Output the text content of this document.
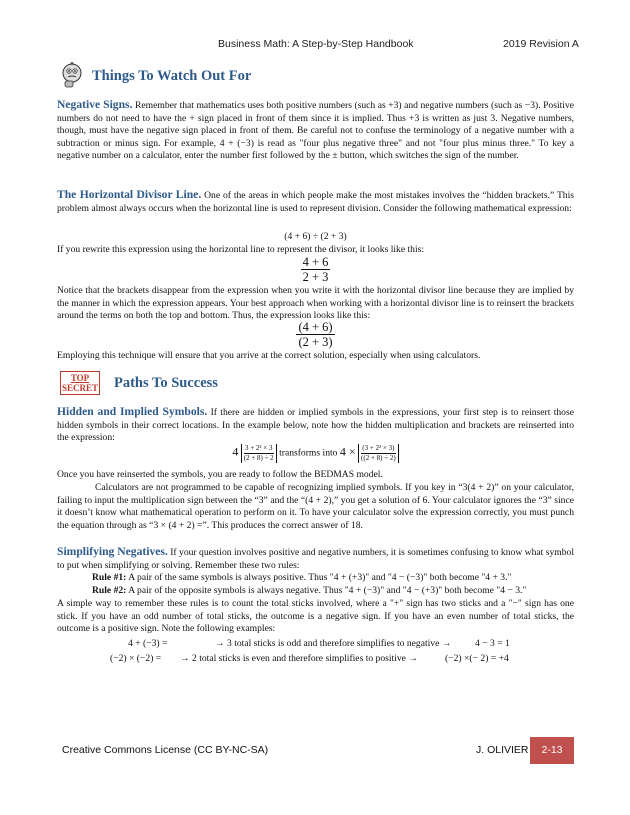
Business Math: A Step-by-Step Handbook	2019 Revision A
Things To Watch Out For
Negative Signs. Remember that mathematics uses both positive numbers (such as +3) and negative numbers (such as −3). Positive numbers do not need to have the + sign placed in front of them since it is implied. Thus +3 is written as just 3. Negative numbers, though, must have the negative sign placed in front of them. Be careful not to confuse the terminology of a negative number with a subtraction or minus sign. For example, 4 + (−3) is read as "four plus negative three" and not "four plus minus three." To key a negative number on a calculator, enter the number first followed by the ± button, which switches the sign of the number.
The Horizontal Divisor Line. One of the areas in which people make the most mistakes involves the “hidden brackets.” This problem almost always occurs when the horizontal line is used to represent division. Consider the following mathematical expression:
(4 + 6) ÷ (2 + 3)
If you rewrite this expression using the horizontal line to represent the divisor, it looks like this:
$\frac{4 + 6}{2 + 3}$
Notice that the brackets disappear from the expression when you write it with the horizontal divisor line because they are implied by the manner in which the expression appears. Your best approach when working with a horizontal divisor line is to reinsert the brackets around the terms on both the top and bottom. Thus, the expression looks like this:
$\frac{(4 + 6)}{(2 + 3)}$
Employing this technique will ensure that you arrive at the correct solution, especially when using calculators.
TOP
SECRET Paths To Success
Hidden and Implied Symbols. If there are hidden or implied symbols in the expressions, your first step is to reinsert those hidden symbols in their correct locations. In the example below, note how the hidden multiplication and brackets are reinserted into the expression:
$4 \frac{\text{3 + 2² × 3}}{(2 + 8) \div 2}$ transforms into $4 \times \frac{\text{(3 + 2² × 3)}}{((2 + 8) \div 2)}$
Once you have reinserted the symbols, you are ready to follow the BEDMAS model.
Calculators are not programmed to be capable of recognizing implied symbols. If you key in “3(4 + 2)” on your calculator, failing to input the multiplication sign between the “3” and the “(4 + 2),” you get a solution of 6. Your calculator ignores the “3” since it doesn’t know what mathematical operation to perform on it. To have your calculator solve the expression correctly, you must punch the equation through as “3 × (4 + 2) =”. This produces the correct answer of 18.
Simplifying Negatives. If your question involves positive and negative numbers, it is sometimes confusing to know what symbol to put when simplifying or solving. Remember these two rules:
Rule #1: A pair of the same symbols is always positive. Thus "4 + (+3)" and "4 − (−3)" both become "4 + 3."
Rule #2: A pair of the opposite symbols is always negative. Thus "4 + (−3)" and "4 − (+3)" both become "4 − 3."
A simple way to remember these rules is to count the total sticks involved, where a "+" sign has two sticks and a "−" sign has one stick. If you have an odd number of total sticks, the outcome is a negative sign. If you have an even number of total sticks, the outcome is a positive sign. Note the following examples:
4 + (−3) =	→ 3 total sticks is odd and therefore simplifies to negative → 4 − 3 = 1
(−2) × (−2) = → 2 total sticks is even and therefore simplifies to positive →	(−2) ×(− 2) = +4
Creative Commons License (CC BY-NC-SA)	J. OLIVIER	2-13
